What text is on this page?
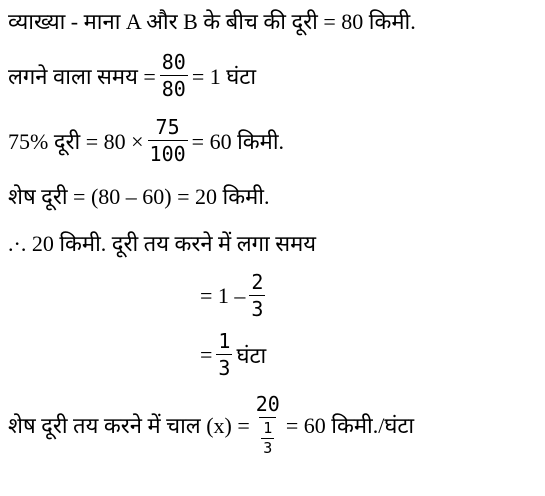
व्याख्या - माना A और B के बीच की दूरी = 80 किमी.
लगने वाला समय = $\frac{80}{80} = 1$ घंटा
75% दूरी = $80 \times \frac{75}{100} = 60$ किमी.
शेष दूरी = (80 – 60) = 20 किमी.
.·. 20 किमी. दूरी तय करने में लगा समय
= $1 - \frac{2}{3}$
= $\frac{1}{3}$ घंटा
शेष दूरी तय करने में चाल $(x) = \frac{20}{\frac{1}{3}} = 60$ किमी./घंटा
